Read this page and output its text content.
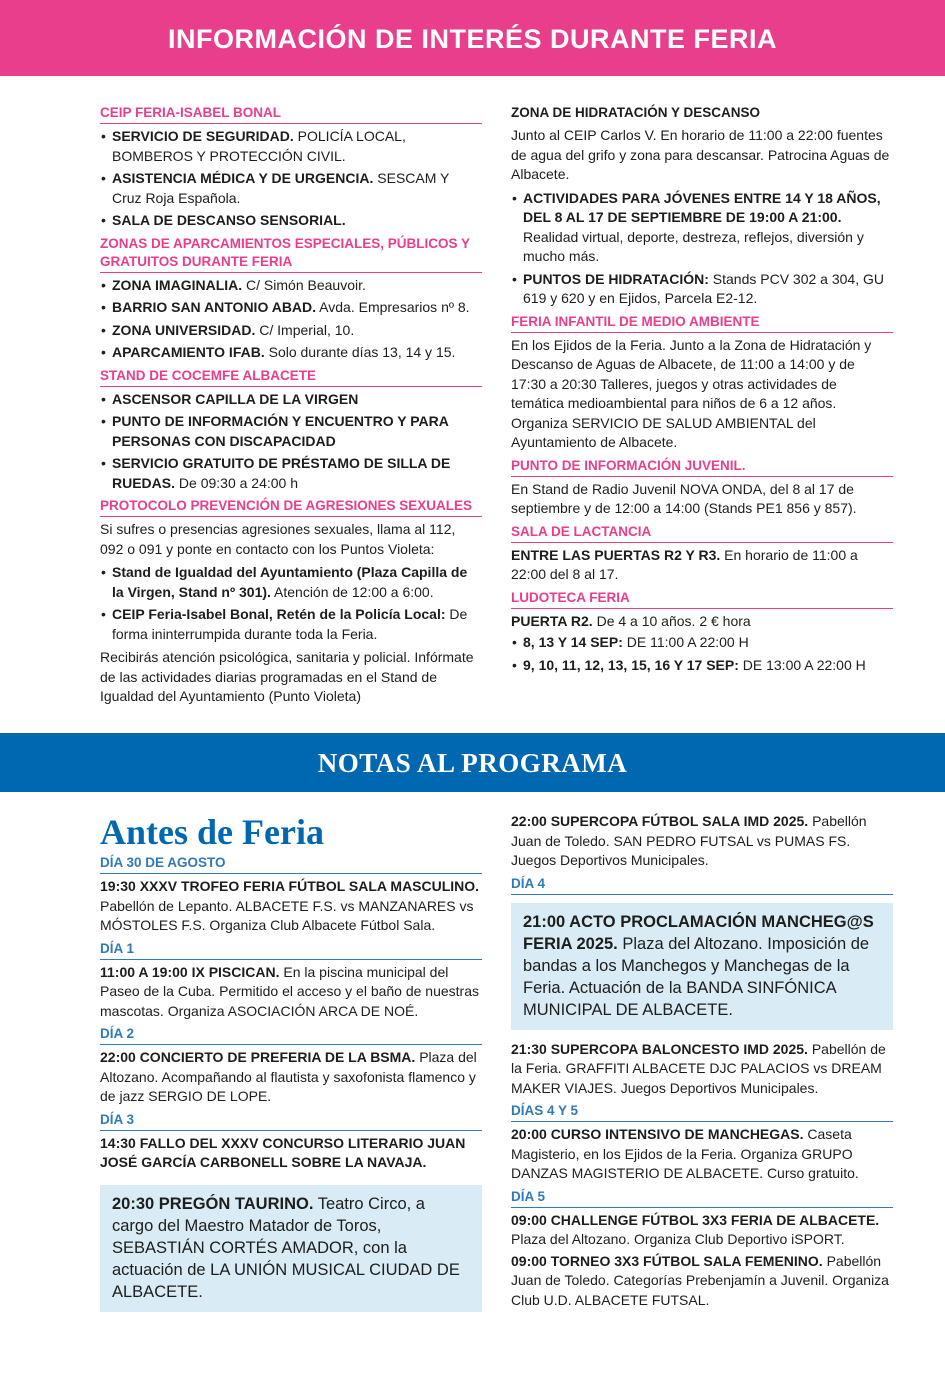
INFORMACIÓN DE INTERÉS DURANTE FERIA
CEIP FERIA-ISABEL BONAL
• SERVICIO DE SEGURIDAD. POLICÍA LOCAL, BOMBEROS Y PROTECCIÓN CIVIL.
• ASISTENCIA MÉDICA Y DE URGENCIA. SESCAM Y Cruz Roja Española.
• SALA DE DESCANSO SENSORIAL.
ZONAS DE APARCAMIENTOS ESPECIALES, PÚBLICOS Y GRATUITOS DURANTE FERIA
• ZONA IMAGINALIA. C/ Simón Beauvoir.
• BARRIO SAN ANTONIO ABAD. Avda. Empresarios nº 8.
• ZONA UNIVERSIDAD. C/ Imperial, 10.
• APARCAMIENTO IFAB. Solo durante días 13, 14 y 15.
STAND DE COCEMFE ALBACETE
• ASCENSOR CAPILLA DE LA VIRGEN
• PUNTO DE INFORMACIÓN Y ENCUENTRO Y PARA PERSONAS CON DISCAPACIDAD
• SERVICIO GRATUITO DE PRÉSTAMO DE SILLA DE RUEDAS. De 09:30 a 24:00 h
PROTOCOLO PREVENCIÓN DE AGRESIONES SEXUALES
Si sufres o presencias agresiones sexuales, llama al 112, 092 o 091 y ponte en contacto con los Puntos Violeta:
• Stand de Igualdad del Ayuntamiento (Plaza Capilla de la Virgen, Stand nº 301). Atención de 12:00 a 6:00.
• CEIP Feria-Isabel Bonal, Retén de la Policía Local: De forma ininterrumpida durante toda la Feria.
Recibirás atención psicológica, sanitaria y policial. Infórmate de las actividades diarias programadas en el Stand de Igualdad del Ayuntamiento (Punto Violeta)
ZONA DE HIDRATACIÓN Y DESCANSO
Junto al CEIP Carlos V. En horario de 11:00 a 22:00 fuentes de agua del grifo y zona para descansar. Patrocina Aguas de Albacete.
• ACTIVIDADES PARA JÓVENES ENTRE 14 Y 18 AÑOS, DEL 8 AL 17 DE SEPTIEMBRE DE 19:00 A 21:00. Realidad virtual, deporte, destreza, reflejos, diversión y mucho más.
• PUNTOS DE HIDRATACIÓN: Stands PCV 302 a 304, GU 619 y 620 y en Ejidos, Parcela E2-12.
FERIA INFANTIL DE MEDIO AMBIENTE
En los Ejidos de la Feria. Junto a la Zona de Hidratación y Descanso de Aguas de Albacete, de 11:00 a 14:00 y de 17:30 a 20:30 Talleres, juegos y otras actividades de temática medioambiental para niños de 6 a 12 años. Organiza SERVICIO DE SALUD AMBIENTAL del Ayuntamiento de Albacete.
PUNTO DE INFORMACIÓN JUVENIL.
En Stand de Radio Juvenil NOVA ONDA, del 8 al 17 de septiembre y de 12:00 a 14:00 (Stands PE1 856 y 857).
SALA DE LACTANCIA
ENTRE LAS PUERTAS R2 Y R3. En horario de 11:00 a 22:00 del 8 al 17.
LUDOTECA FERIA
PUERTA R2. De 4 a 10 años. 2 € hora
• 8, 13 Y 14 SEP: DE 11:00 A 22:00 H
• 9, 10, 11, 12, 13, 15, 16 Y 17 SEP: DE 13:00 A 22:00 H
NOTAS AL PROGRAMA
Antes de Feria
DÍA 30 DE AGOSTO
19:30 XXXV TROFEO FERIA FÚTBOL SALA MASCULINO. Pabellón de Lepanto. ALBACETE F.S. vs MANZANARES vs MÓSTOLES F.S. Organiza Club Albacete Fútbol Sala.
DÍA 1
11:00 A 19:00 IX PISCICAN. En la piscina municipal del Paseo de la Cuba. Permitido el acceso y el baño de nuestras mascotas. Organiza ASOCIACIÓN ARCA DE NOÉ.
DÍA 2
22:00 CONCIERTO DE PREFERIA DE LA BSMA. Plaza del Altozano. Acompañando al flautista y saxofonista flamenco y de jazz SERGIO DE LOPE.
DÍA 3
14:30 FALLO DEL XXXV CONCURSO LITERARIO JUAN JOSÉ GARCÍA CARBONELL SOBRE LA NAVAJA.
20:30 PREGÓN TAURINO. Teatro Circo, a cargo del Maestro Matador de Toros, SEBASTIÁN CORTÉS AMADOR, con la actuación de LA UNIÓN MUSICAL CIUDAD DE ALBACETE.
22:00 SUPERCOPA FÚTBOL SALA IMD 2025. Pabellón Juan de Toledo. SAN PEDRO FUTSAL vs PUMAS FS. Juegos Deportivos Municipales.
DÍA 4
21:00 ACTO PROCLAMACIÓN MANCHEG@S FERIA 2025. Plaza del Altozano. Imposición de bandas a los Manchegos y Manchegas de la Feria. Actuación de la BANDA SINFÓNICA MUNICIPAL DE ALBACETE.
21:30 SUPERCOPA BALONCESTO IMD 2025. Pabellón de la Feria. GRAFFITI ALBACETE DJC PALACIOS vs DREAM MAKER VIAJES. Juegos Deportivos Municipales.
DÍAS 4 Y 5
20:00 CURSO INTENSIVO DE MANCHEGAS. Caseta Magisterio, en los Ejidos de la Feria. Organiza GRUPO DANZAS MAGISTERIO DE ALBACETE. Curso gratuito.
DÍA 5
09:00 CHALLENGE FÚTBOL 3X3 FERIA DE ALBACETE. Plaza del Altozano. Organiza Club Deportivo iSPORT.
09:00 TORNEO 3X3 FÚTBOL SALA FEMENINO. Pabellón Juan de Toledo. Categorías Prebenjamín a Juvenil. Organiza Club U.D. ALBACETE FUTSAL.
